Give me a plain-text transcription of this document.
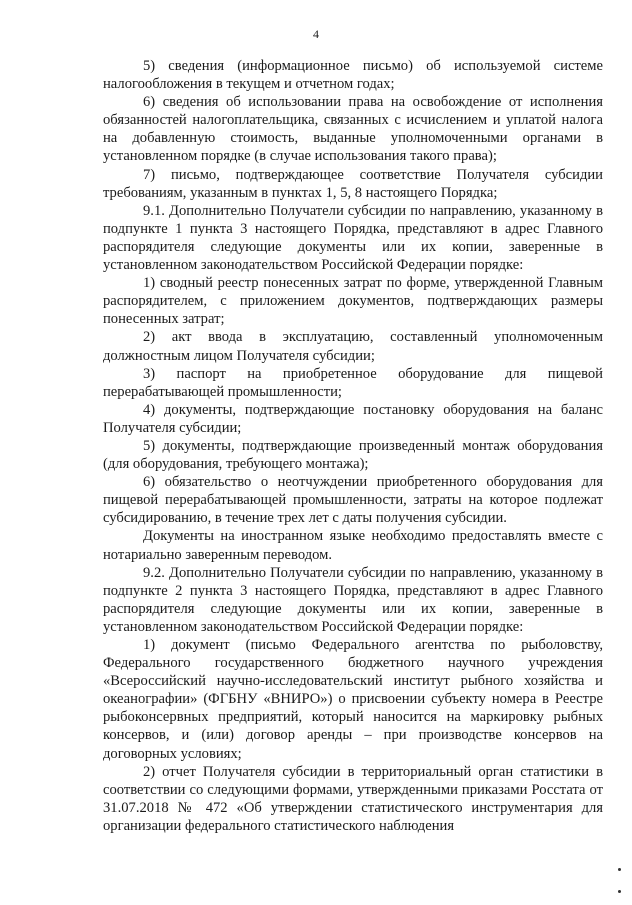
4

5) сведения (информационное письмо) об используемой системе налогообложения в текущем и отчетном годах;

6) сведения об использовании права на освобождение от исполнения обязанностей налогоплательщика, связанных с исчислением и уплатой налога на добавленную стоимость, выданные уполномоченными органами в установленном порядке (в случае использования такого права);

7) письмо, подтверждающее соответствие Получателя субсидии требованиям, указанным в пунктах 1, 5, 8 настоящего Порядка;

9.1. Дополнительно Получатели субсидии по направлению, указанному в подпункте 1 пункта 3 настоящего Порядка, представляют в адрес Главного распорядителя следующие документы или их копии, заверенные в установленном законодательством Российской Федерации порядке:

1) сводный реестр понесенных затрат по форме, утвержденной Главным распорядителем, с приложением документов, подтверждающих размеры понесенных затрат;

2) акт ввода в эксплуатацию, составленный уполномоченным должностным лицом Получателя субсидии;

3) паспорт на приобретенное оборудование для пищевой перерабатывающей промышленности;

4) документы, подтверждающие постановку оборудования на баланс Получателя субсидии;

5) документы, подтверждающие произведенный монтаж оборудования (для оборудования, требующего монтажа);

6) обязательство о неотчуждении приобретенного оборудования для пищевой перерабатывающей промышленности, затраты на которое подлежат субсидированию, в течение трех лет с даты получения субсидии.

Документы на иностранном языке необходимо предоставлять вместе с нотариально заверенным переводом.

9.2. Дополнительно Получатели субсидии по направлению, указанному в подпункте 2 пункта 3 настоящего Порядка, представляют в адрес Главного распорядителя следующие документы или их копии, заверенные в установленном законодательством Российской Федерации порядке:

1) документ (письмо Федерального агентства по рыболовству, Федерального государственного бюджетного научного учреждения «Всероссийский научно-исследовательский институт рыбного хозяйства и океанографии» (ФГБНУ «ВНИРО») о присвоении субъекту номера в Реестре рыбоконсервных предприятий, который наносится на маркировку рыбных консервов, и (или) договор аренды – при производстве консервов на договорных условиях;

2) отчет Получателя субсидии в территориальный орган статистики в соответствии со следующими формами, утвержденными приказами Росстата от 31.07.2018 № 472 «Об утверждении статистического инструментария для организации федерального статистического наблюдения
